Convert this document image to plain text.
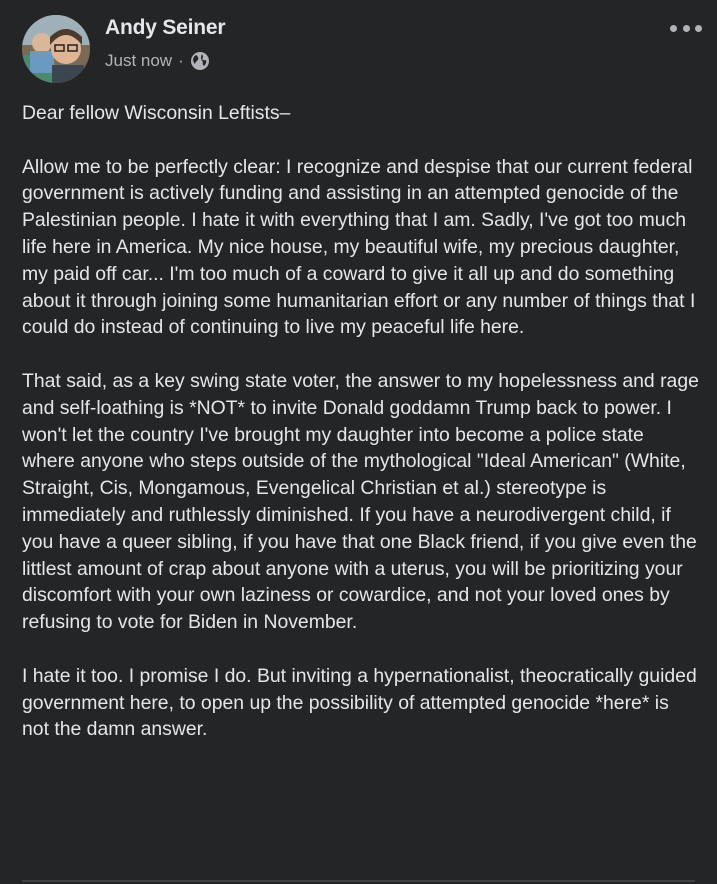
Andy Seiner
Just now ·

Dear fellow Wisconsin Leftists–

Allow me to be perfectly clear: I recognize and despise that our current federal government is actively funding and assisting in an attempted genocide of the Palestinian people. I hate it with everything that I am. Sadly, I've got too much life here in America. My nice house, my beautiful wife, my precious daughter, my paid off car... I'm too much of a coward to give it all up and do something about it through joining some humanitarian effort or any number of things that I could do instead of continuing to live my peaceful life here.

That said, as a key swing state voter, the answer to my hopelessness and rage and self-loathing is *NOT* to invite Donald goddamn Trump back to power. I won't let the country I've brought my daughter into become a police state where anyone who steps outside of the mythological "Ideal American" (White, Straight, Cis, Mongamous, Evengelical Christian et al.) stereotype is immediately and ruthlessly diminished. If you have a neurodivergent child, if you have a queer sibling, if you have that one Black friend, if you give even the littlest amount of crap about anyone with a uterus, you will be prioritizing your discomfort with your own laziness or cowardice, and not your loved ones by refusing to vote for Biden in November.

I hate it too. I promise I do. But inviting a hypernationalist, theocratically guided government here, to open up the possibility of attempted genocide *here* is not the damn answer.
